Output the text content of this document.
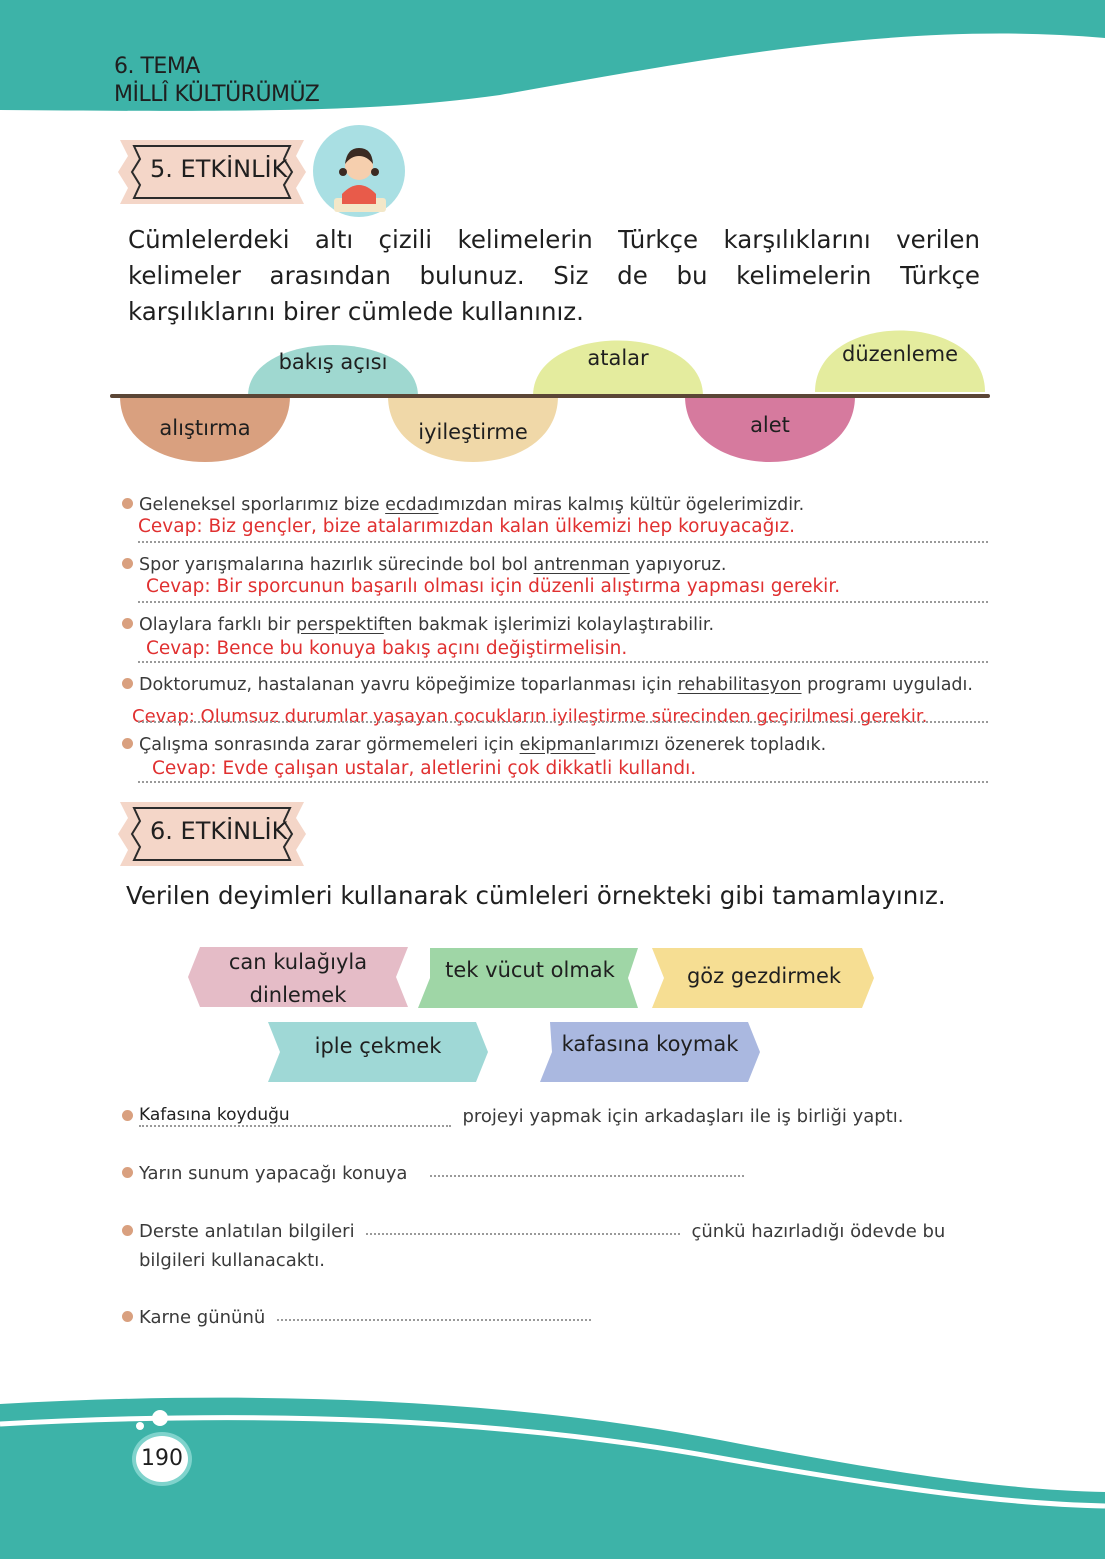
6. TEMA
MİLLÎ KÜLTÜRÜMÜZ
5. ETKİNLİK
Cümlelerdeki altı çizili kelimelerin Türkçe karşılıklarını verilen kelimeler arasından bulunuz. Siz de bu kelimelerin Türkçe karşılıklarını birer cümlede kullanınız.
bakış açısı	atalar	düzenleme
alıştırma	iyileştirme	alet
Geleneksel sporlarımız bize ecdadımızdan miras kalmış kültür ögelerimizdir.
Cevap: Biz gençler, bize atalarımızdan kalan ülkemizi hep koruyacağız.
Spor yarışmalarına hazırlık sürecinde bol bol antrenman yapıyoruz.
Cevap: Bir sporcunun başarılı olması için düzenli alıştırma yapması gerekir.
Olaylara farklı bir perspektiften bakmak işlerimizi kolaylaştırabilir.
Cevap: Bence bu konuya bakış açını değiştirmelisin.
Doktorumuz, hastalanan yavru köpeğimize toparlanması için rehabilitasyon programı uyguladı.
Cevap: Olumsuz durumlar yaşayan çocukların iyileştirme sürecinden geçirilmesi gerekir.
Çalışma sonrasında zarar görmemeleri için ekipmanlarımızı özenerek topladık.
Cevap: Evde çalışan ustalar, aletlerini çok dikkatli kullandı.
6. ETKİNLİK
Verilen deyimleri kullanarak cümleleri örnekteki gibi tamamlayınız.
can kulağıyla
dinlemek
tek vücut olmak	göz gezdirmek
iple çekmek	kafasına koymak
Kafasına koyduğu	projeyi yapmak için arkadaşları ile iş birliği yaptı.
Yarın sunum yapacağı konuya
Derste anlatılan bilgileri	çünkü hazırladığı ödevde bu
bilgileri kullanacaktı.
Karne gününü
190
